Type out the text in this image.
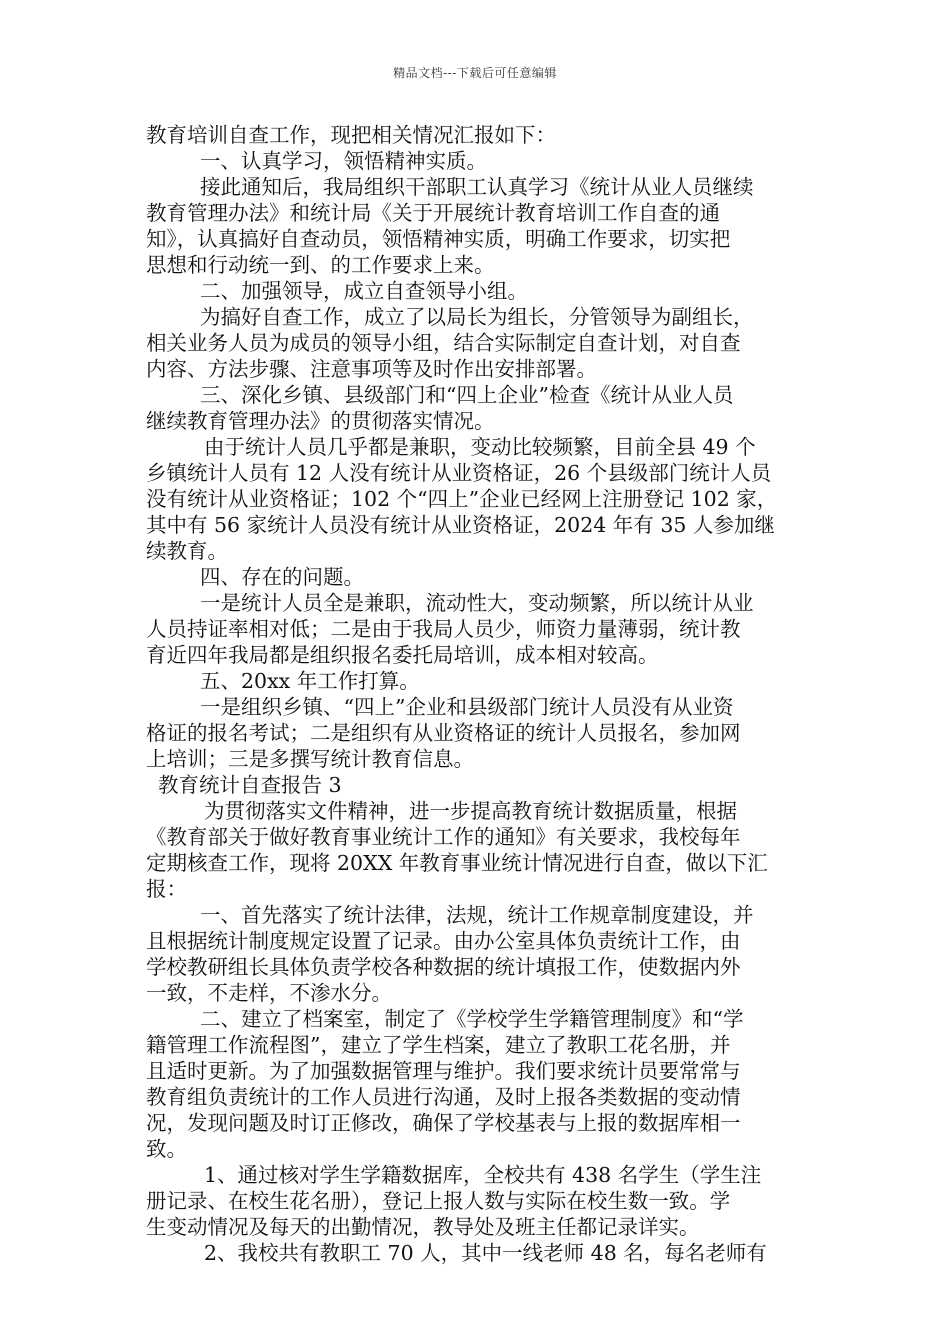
精品文档---下载后可任意编辑
教育培训自查工作，现把相关情况汇报如下：
一、认真学习，领悟精神实质。
接此通知后，我局组织干部职工认真学习《统计从业人员继续
教育管理办法》和统计局《关于开展统计教育培训工作自查的通
知》，认真搞好自查动员，领悟精神实质，明确工作要求，切实把
思想和行动统一到、的工作要求上来。
二、加强领导，成立自查领导小组。
为搞好自查工作，成立了以局长为组长，分管领导为副组长，
相关业务人员为成员的领导小组，结合实际制定自查计划，对自查
内容、方法步骤、注意事项等及时作出安排部署。
三、深化乡镇、县级部门和“四上企业”检查《统计从业人员
继续教育管理办法》的贯彻落实情况。
由于统计人员几乎都是兼职，变动比较频繁，目前全县 49 个
乡镇统计人员有 12 人没有统计从业资格证，26 个县级部门统计人员
没有统计从业资格证；102 个“四上”企业已经网上注册登记 102 家，
其中有 56 家统计人员没有统计从业资格证，2024 年有 35 人参加继
续教育。
四、存在的问题。
一是统计人员全是兼职，流动性大，变动频繁，所以统计从业
人员持证率相对低；二是由于我局人员少，师资力量薄弱，统计教
育近四年我局都是组织报名委托局培训，成本相对较高。
五、20xx 年工作打算。
一是组织乡镇、“四上”企业和县级部门统计人员没有从业资
格证的报名考试；二是组织有从业资格证的统计人员报名，参加网
上培训；三是多撰写统计教育信息。
教育统计自查报告 3
为贯彻落实文件精神，进一步提高教育统计数据质量，根据
《教育部关于做好教育事业统计工作的通知》有关要求，我校每年
定期核查工作，现将 20XX 年教育事业统计情况进行自查，做以下汇
报：
一、首先落实了统计法律，法规，统计工作规章制度建设，并
且根据统计制度规定设置了记录。由办公室具体负责统计工作，由
学校教研组长具体负责学校各种数据的统计填报工作，使数据内外
一致，不走样，不渗水分。
二、建立了档案室，制定了《学校学生学籍管理制度》和“学
籍管理工作流程图”，建立了学生档案，建立了教职工花名册，并
且适时更新。为了加强数据管理与维护。我们要求统计员要常常与
教育组负责统计的工作人员进行沟通，及时上报各类数据的变动情
况，发现问题及时订正修改，确保了学校基表与上报的数据库相一
致。
1、通过核对学生学籍数据库，全校共有 438 名学生（学生注
册记录、在校生花名册），登记上报人数与实际在校生数一致。学
生变动情况及每天的出勤情况，教导处及班主任都记录详实。
2、我校共有教职工 70 人，其中一线老师 48 名，每名老师有
